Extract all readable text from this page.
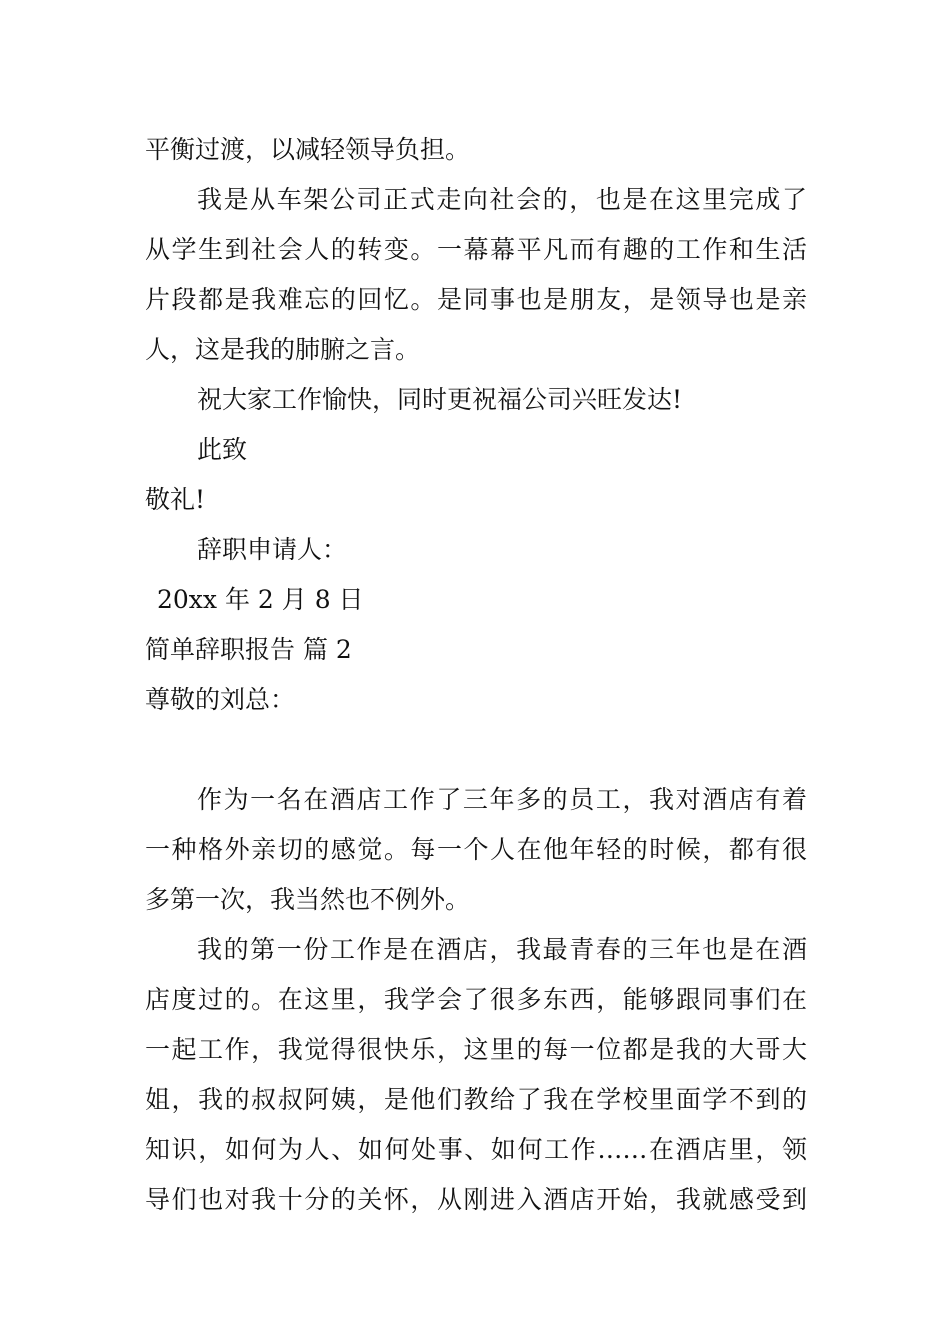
平衡过渡，以减轻领导负担。
我是从车架公司正式走向社会的，也是在这里完成了
从学生到社会人的转变。一幕幕平凡而有趣的工作和生活
片段都是我难忘的回忆。是同事也是朋友，是领导也是亲
人，这是我的肺腑之言。
祝大家工作愉快，同时更祝福公司兴旺发达!
此致
敬礼!
辞职申请人：
20xx 年 2 月 8 日
简单辞职报告 篇 2
尊敬的刘总：
作为一名在酒店工作了三年多的员工，我对酒店有着
一种格外亲切的感觉。每一个人在他年轻的时候，都有很
多第一次，我当然也不例外。
我的第一份工作是在酒店，我最青春的三年也是在酒
店度过的。在这里，我学会了很多东西，能够跟同事们在
一起工作，我觉得很快乐，这里的每一位都是我的大哥大
姐，我的叔叔阿姨，是他们教给了我在学校里面学不到的
知识，如何为人、如何处事、如何工作……在酒店里，领
导们也对我十分的关怀，从刚进入酒店开始，我就感受到
